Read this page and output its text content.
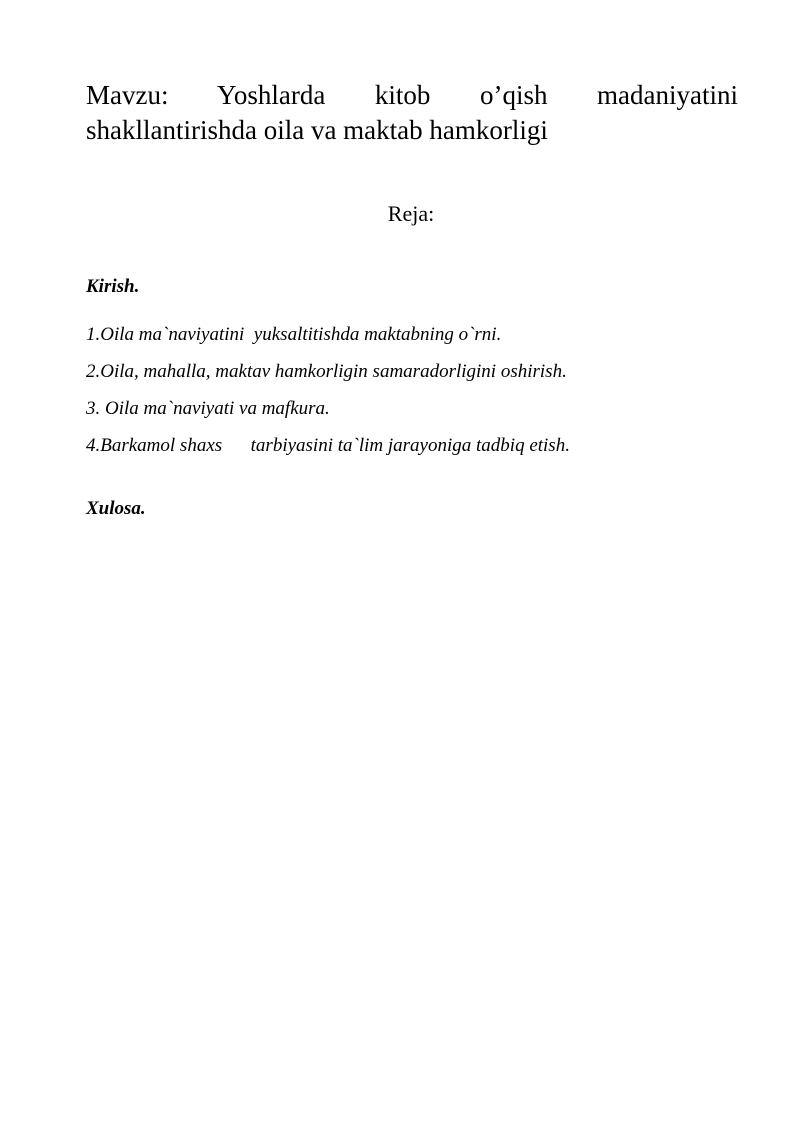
Mavzu: Yoshlarda kitob o’qish madaniyatini
shakllantirishda oila va maktab hamkorligi

Reja:

Kirish.

1.Oila ma`naviyatini  yuksaltitishda maktabning o`rni.
2.Oila, mahalla, maktav hamkorligin samaradorligini oshirish.
3. Oila ma`naviyati va mafkura.
4.Barkamol shaxs      tarbiyasini ta`lim jarayoniga tadbiq etish.

Xulosa.
